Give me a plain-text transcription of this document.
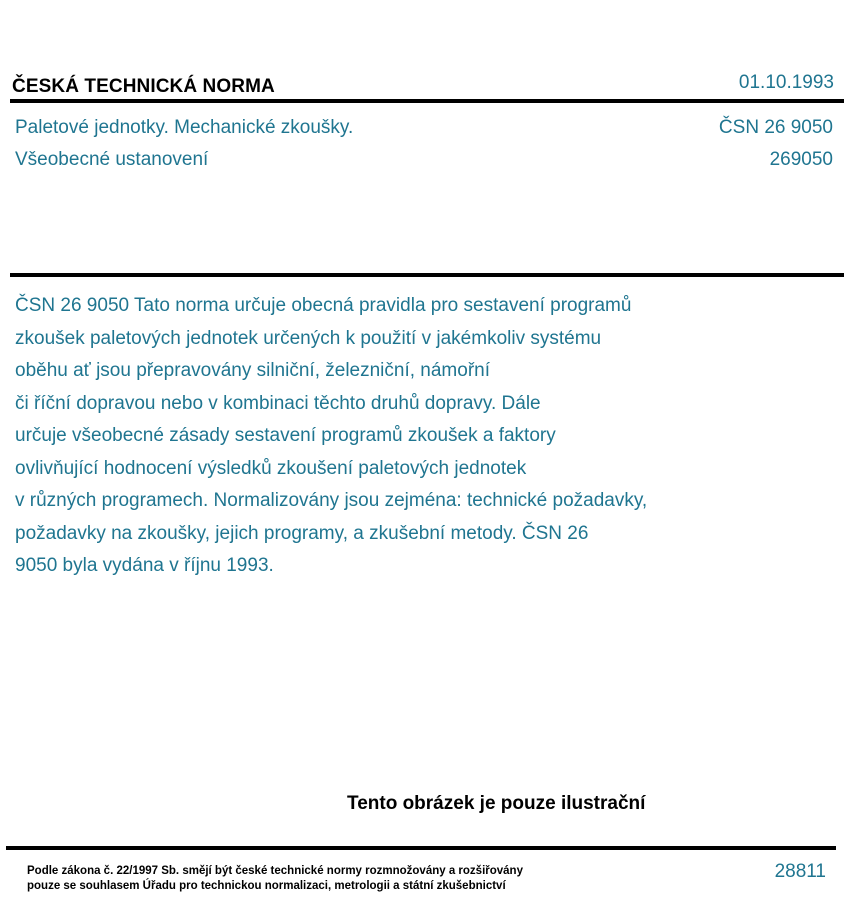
ČESKÁ TECHNICKÁ NORMA	01.10.1993
Paletové jednotky. Mechanické zkoušky.
Všeobecné ustanovení
ČSN 26 9050
269050
ČSN 26 9050 Tato norma určuje obecná pravidla pro sestavení programů
zkoušek paletových jednotek určených k použití v jakémkoliv systému
oběhu ať jsou přepravovány silniční, železniční, námořní
či říční dopravou nebo v kombinaci těchto druhů dopravy. Dále
určuje všeobecné zásady sestavení programů zkoušek a faktory
ovlivňující hodnocení výsledků zkoušení paletových jednotek
v různých programech. Normalizovány jsou zejména: technické požadavky,
požadavky na zkoušky, jejich programy, a zkušební metody. ČSN 26
9050 byla vydána v říjnu 1993.
Tento obrázek je pouze ilustrační
Podle zákona č. 22/1997 Sb. smějí být české technické normy rozmnožovány a rozšiřovány
pouze se souhlasem Úřadu pro technickou normalizaci, metrologii a státní zkušebnictví
28811
